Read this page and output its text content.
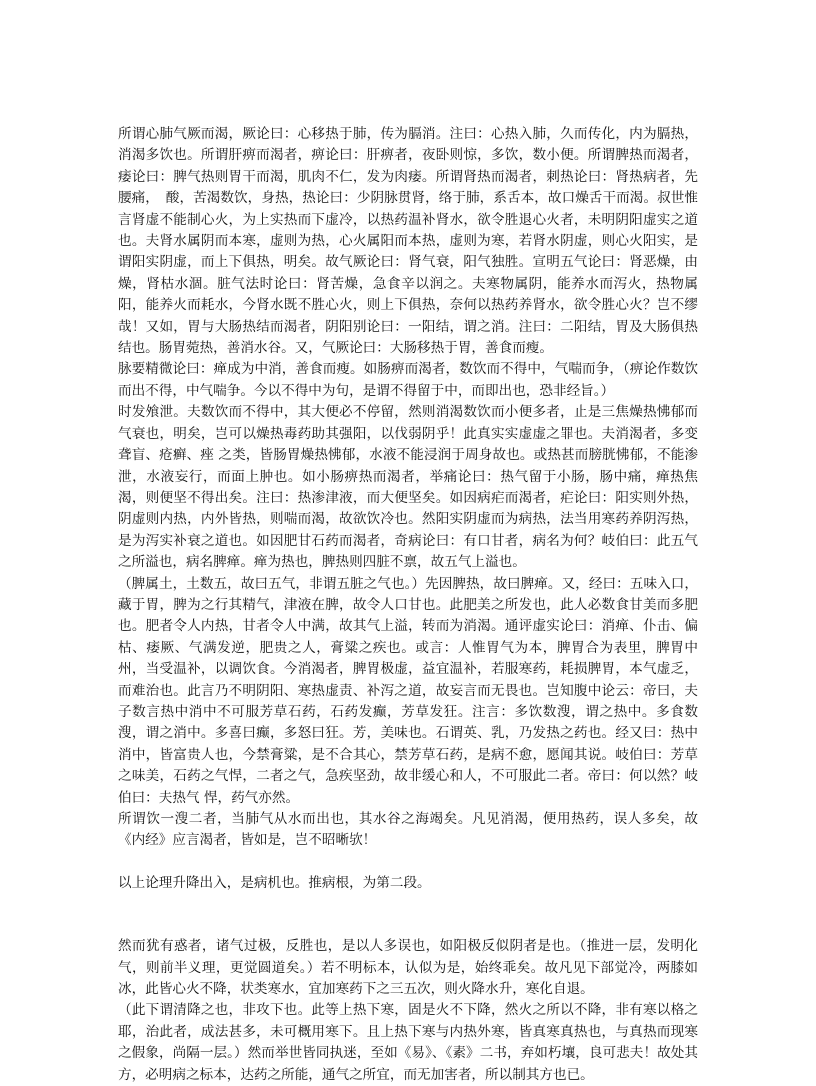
所谓心肺气厥而渴，厥论曰：心移热于肺，传为膈消。注曰：心热入肺，久而传化，内为膈热，消渴多饮也。所谓肝痹而渴者，痹论曰：肝痹者，夜卧则惊，多饮，数小便。所谓脾热而渴者，痿论曰：脾气热则胃干而渴，肌肉不仁，发为肉痿。所谓肾热而渴者，刺热论曰：肾热病者，先腰痛，　酸，苦渴数饮，身热，热论曰：少阴脉贯肾，络于肺，系舌本，故口燥舌干而渴。叔世惟言肾虚不能制心火，为上实热而下虚冷，以热药温补肾水，欲令胜退心火者，未明阴阳虚实之道也。夫肾水属阴而本寒，虚则为热，心火属阳而本热，虚则为寒，若肾水阴虚，则心火阳实，是谓阳实阴虚，而上下俱热，明矣。故气厥论曰：肾气衰，阳气独胜。宣明五气论曰：肾恶燥，由燥，肾枯水涸。脏气法时论曰：肾苦燥，急食辛以润之。夫寒物属阴，能养水而泻火，热物属阳，能养火而耗水，今肾水既不胜心火，则上下俱热，奈何以热药养肾水，欲令胜心火？岂不缪哉！又如，胃与大肠热结而渴者，阴阳别论曰：一阳结，谓之消。注曰：二阳结，胃及大肠俱热结也。肠胃菀热，善消水谷。又，气厥论曰：大肠移热于胃，善食而瘦。

脉要精微论曰：瘅成为中消，善食而瘦。如肠痹而渴者，数饮而不得中，气喘而争，（痹论作数饮而出不得，中气喘争。今以不得中为句，是谓不得留于中，而即出也，恐非经旨。）

时发飧泄。夫数饮而不得中，其大便必不停留，然则消渴数饮而小便多者，止是三焦燥热怫郁而气衰也，明矣，岂可以燥热毒药助其强阳，以伐弱阴乎！此真实实虚虚之罪也。夫消渴者，多变聋盲、疮癣、痤 之类，皆肠胃燥热怫郁，水液不能浸润于周身故也。或热甚而膀胱怫郁，不能渗泄，水液妄行，而面上肿也。如小肠痹热而渴者，举痛论曰：热气留于小肠，肠中痛，瘅热焦渴，则便坚不得出矣。注曰：热渗津液，而大便坚矣。如因病疟而渴者，疟论曰：阳实则外热，阴虚则内热，内外皆热，则喘而渴，故欲饮冷也。然阳实阴虚而为病热，法当用寒药养阴泻热，是为泻实补衰之道也。如因肥甘石药而渴者，奇病论曰：有口甘者，病名为何？岐伯曰：此五气之所溢也，病名脾瘅。瘅为热也，脾热则四脏不禀，故五气上溢也。

（脾属土，土数五，故曰五气，非谓五脏之气也。）先因脾热，故曰脾瘅。又，经曰：五味入口，藏于胃，脾为之行其精气，津液在脾，故令人口甘也。此肥美之所发也，此人必数食甘美而多肥也。肥者令人内热，甘者令人中满，故其气上溢，转而为消渴。通评虚实论曰：消瘅、仆击、偏枯、痿厥、气满发逆，肥贵之人，膏粱之疾也。或言：人惟胃气为本，脾胃合为表里，脾胃中州，当受温补，以调饮食。今消渴者，脾胃极虚，益宜温补，若服寒药，耗损脾胃，本气虚乏，而难治也。此言乃不明阴阳、寒热虚责、补泻之道，故妄言而无畏也。岂知腹中论云：帝曰，夫子数言热中消中不可服芳草石药，石药发癫，芳草发狂。注言：多饮数溲，谓之热中。多食数溲，谓之消中。多喜曰癫，多怒曰狂。芳，美味也。石谓英、乳，乃发热之药也。经又曰：热中消中，皆富贵人也，今禁膏粱，是不合其心，禁芳草石药，是病不愈，愿闻其说。岐伯曰：芳草之味美，石药之气悍，二者之气，急疾坚劲，故非缓心和人，不可服此二者。帝曰：何以然？岐伯曰：夫热气 悍，药气亦然。

所谓饮一溲二者，当肺气从水而出也，其水谷之海竭矣。凡见消渴，便用热药，误人多矣，故《内经》应言渴者，皆如是，岂不昭晰欤！

以上论理升降出入，是病机也。推病根，为第二段。

然而犹有惑者，诸气过极，反胜也，是以人多误也，如阳极反似阴者是也。（推进一层，发明化气，则前半义理，更觉圆道矣。）若不明标本，认似为是，始终乖矣。故凡见下部觉冷，两膝如冰，此皆心火不降，状类寒水，宜加寒药下之三五次，则火降水升，寒化自退。

（此下谓清降之也，非攻下也。此等上热下寒，固是火不下降，然火之所以不降，非有寒以格之耶，治此者，成法甚多，未可概用寒下。且上热下寒与内热外寒，皆真寒真热也，与真热而现寒之假象，尚隔一层。）然而举世皆同执迷，至如《易》、《素》二书，弃如朽壤，良可悲夫！故处其方，必明病之标本，达药之所能，通气之所宜，而无加害者，所以制其方也已。
